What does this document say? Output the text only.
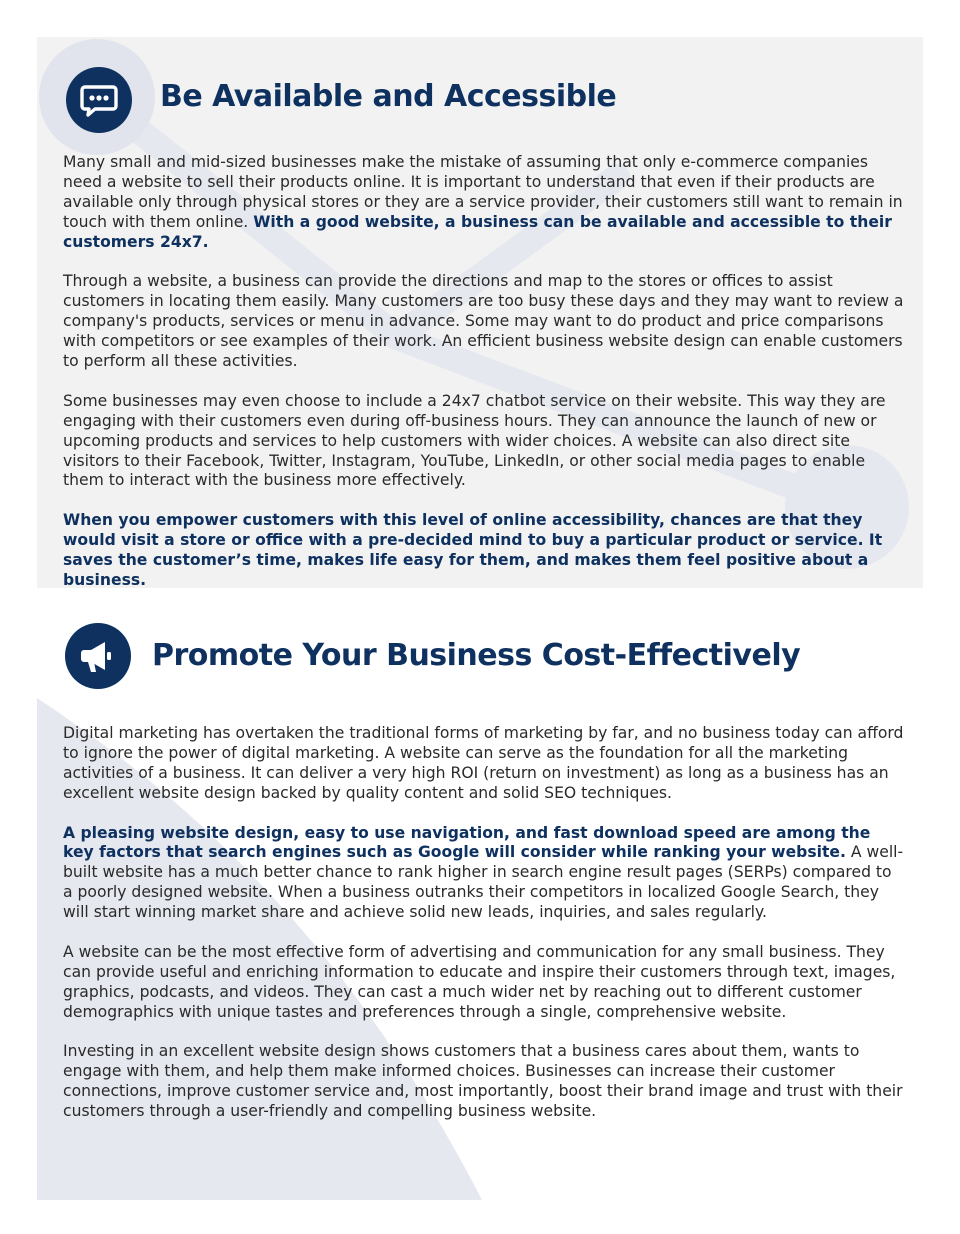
Be Available and Accessible

Many small and mid-sized businesses make the mistake of assuming that only e-commerce companies need a website to sell their products online. It is important to understand that even if their products are available only through physical stores or they are a service provider, their customers still want to remain in touch with them online. With a good website, a business can be available and accessible to their customers 24x7.

Through a website, a business can provide the directions and map to the stores or offices to assist customers in locating them easily. Many customers are too busy these days and they may want to review a company's products, services or menu in advance. Some may want to do product and price comparisons with competitors or see examples of their work. An efficient business website design can enable customers to perform all these activities.

Some businesses may even choose to include a 24x7 chatbot service on their website. This way they are engaging with their customers even during off-business hours. They can announce the launch of new or upcoming products and services to help customers with wider choices. A website can also direct site visitors to their Facebook, Twitter, Instagram, YouTube, LinkedIn, or other social media pages to enable them to interact with the business more effectively.

When you empower customers with this level of online accessibility, chances are that they would visit a store or office with a pre-decided mind to buy a particular product or service. It saves the customer’s time, makes life easy for them, and makes them feel positive about a business.

Promote Your Business Cost-Effectively

Digital marketing has overtaken the traditional forms of marketing by far, and no business today can afford to ignore the power of digital marketing. A website can serve as the foundation for all the marketing activities of a business. It can deliver a very high ROI (return on investment) as long as a business has an excellent website design backed by quality content and solid SEO techniques.

A pleasing website design, easy to use navigation, and fast download speed are among the key factors that search engines such as Google will consider while ranking your website. A well-built website has a much better chance to rank higher in search engine result pages (SERPs) compared to a poorly designed website. When a business outranks their competitors in localized Google Search, they will start winning market share and achieve solid new leads, inquiries, and sales regularly.

A website can be the most effective form of advertising and communication for any small business. They can provide useful and enriching information to educate and inspire their customers through text, images, graphics, podcasts, and videos. They can cast a much wider net by reaching out to different customer demographics with unique tastes and preferences through a single, comprehensive website.

Investing in an excellent website design shows customers that a business cares about them, wants to engage with them, and help them make informed choices. Businesses can increase their customer connections, improve customer service and, most importantly, boost their brand image and trust with their customers through a user-friendly and compelling business website.
